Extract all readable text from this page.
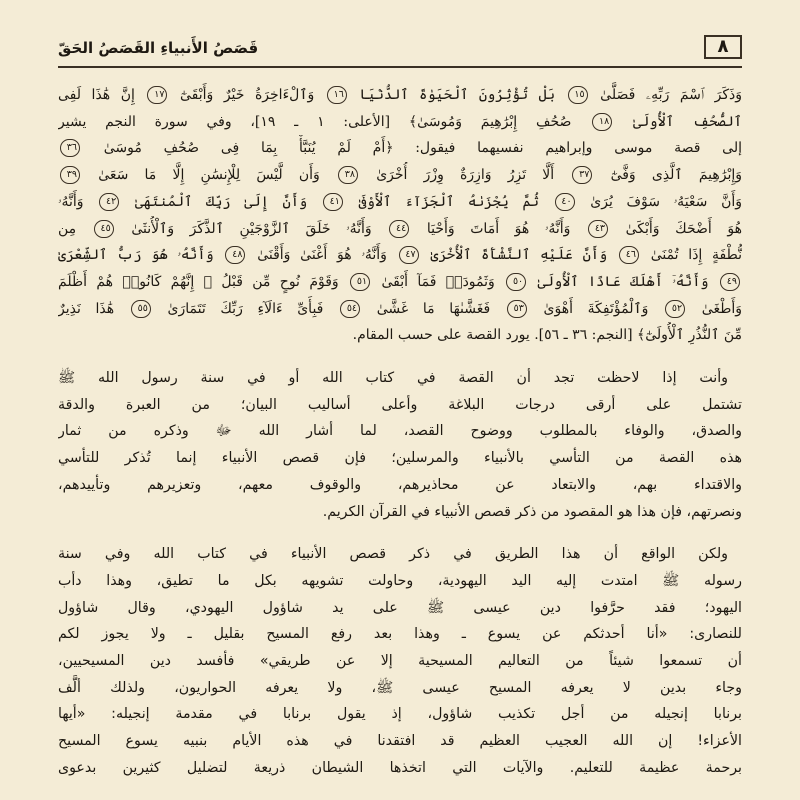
٨
قَصَصُ الأَنبياءِ القَصَصُ الحَقّ
وَذَكَرَ ٱسْمَ رَبِّهِۦ فَصَلَّىٰ ١٥ بَلْ تُؤْثِرُونَ ٱلْحَيَوٰةَ ٱلدُّنْيَا ١٦ وَٱلْءَاخِرَةُ خَيْرٌ وَأَبْقَىٰٓ ١٧ إِنَّ هَٰذَا لَفِى
ٱلصُّحُفِ ٱلْأُولَىٰ ١٨ صُحُفِ إِبْرَٰهِيمَ وَمُوسَىٰ﴾ [الأعلى: ١ ـ ١٩]، وفي سورة النجم يشير
إلى قصة موسى وإبراهيم نفسيهما فيقول: ﴿أَمْ لَمْ يُنَبَّأْ بِمَا فِى صُحُفِ مُوسَىٰ ٣٦
وَإِبْرَٰهِيمَ ٱلَّذِى وَفَّىٰٓ ٣٧ أَلَّا تَزِرُ وَازِرَةٌ وِزْرَ أُخْرَىٰ ٣٨ وَأَن لَّيْسَ لِلْإِنسَٰنِ إِلَّا مَا سَعَىٰ ٣٩
وَأَنَّ سَعْيَهُۥ سَوْفَ يُرَىٰ ٤٠ ثُمَّ يُجْزَىٰهُ ٱلْجَزَآءَ ٱلْأَوْفَىٰ ٤١ وَأَنَّ إِلَىٰ رَبِّكَ ٱلْمُنتَهَىٰ ٤٢ وَأَنَّهُۥ
هُوَ أَضْحَكَ وَأَبْكَىٰ ٤٣ وَأَنَّهُۥ هُوَ أَمَاتَ وَأَحْيَا ٤٤ وَأَنَّهُۥ خَلَقَ ٱلزَّوْجَيْنِ ٱلذَّكَرَ وَٱلْأُنثَىٰ ٤٥ مِن
نُّطْفَةٍ إِذَا تُمْنَىٰ ٤٦ وَأَنَّ عَلَيْهِ ٱلنَّشْأَةَ ٱلْأُخْرَىٰ ٤٧ وَأَنَّهُۥ هُوَ أَغْنَىٰ وَأَقْنَىٰ ٤٨ وَأَنَّهُۥ هُوَ رَبُّ ٱلشِّعْرَىٰ
٤٩ وَأَنَّهُۥٓ أَهْلَكَ عَادًا ٱلْأُولَىٰ ٥٠ وَثَمُودَا۟ فَمَآ أَبْقَىٰ ٥١ وَقَوْمَ نُوحٍ مِّن قَبْلُ ۖ إِنَّهُمْ كَانُوا۟ هُمْ أَظْلَمَ
وَأَطْغَىٰ ٥٢ وَٱلْمُؤْتَفِكَةَ أَهْوَىٰ ٥٣ فَغَشَّىٰهَا مَا غَشَّىٰ ٥٤ فَبِأَىِّ ءَالَآءِ رَبِّكَ تَتَمَارَىٰ ٥٥ هَٰذَا نَذِيرٌ
مِّنَ ٱلنُّذُرِ ٱلْأُولَىٰٓ﴾ [النجم: ٣٦ ـ ٥٦]. يورد القصة على حسب المقام.
وأنت إذا لاحظت تجد أن القصة في كتاب الله أو في سنة رسول الله ﷺ
تشتمل على أرقى درجات البلاغة وأعلى أساليب البيان؛ من العبرة والدقة
والصدق، والوفاء بالمطلوب ووضوح القصد، لما أشار الله ﷻ وذكره من ثمار
هذه القصة من التأسي بالأنبياء والمرسلين؛ فإن قصص الأنبياء إنما تُذكر للتأسي
والاقتداء بهم، والابتعاد عن محاذيرهم، والوقوف معهم، وتعزيرهم وتأييدهم،
ونصرتهم، فإن هذا هو المقصود من ذكر قصص الأنبياء في القرآن الكريم.
ولكن الواقع أن هذا الطريق في ذكر قصص الأنبياء في كتاب الله وفي سنة
رسوله ﷺ امتدت إليه اليد اليهودية، وحاولت تشويهه بكل ما تطيق، وهذا دأب
اليهود؛ فقد حرَّفوا دين عيسى ﷺ على يد شاؤول اليهودي، وقال شاؤول
للنصارى: «أنا أحدثكم عن يسوع ـ وهذا بعد رفع المسيح بقليل ـ ولا يجوز لكم
أن تسمعوا شيئاً من التعاليم المسيحية إلا عن طريقي» فأفسد دين المسيحيين،
وجاء بدين لا يعرفه المسيح عيسى ﷺ، ولا يعرفه الحواريون، ولذلك ألَّف
برنابا إنجيله من أجل تكذيب شاؤول، إذ يقول برنابا في مقدمة إنجيله: «أيها
الأعزاء! إن الله العجيب العظيم قد افتقدنا في هذه الأيام بنبيه يسوع المسيح
برحمة عظيمة للتعليم. والآيات التي اتخذها الشيطان ذريعة لتضليل كثيرين بدعوى
